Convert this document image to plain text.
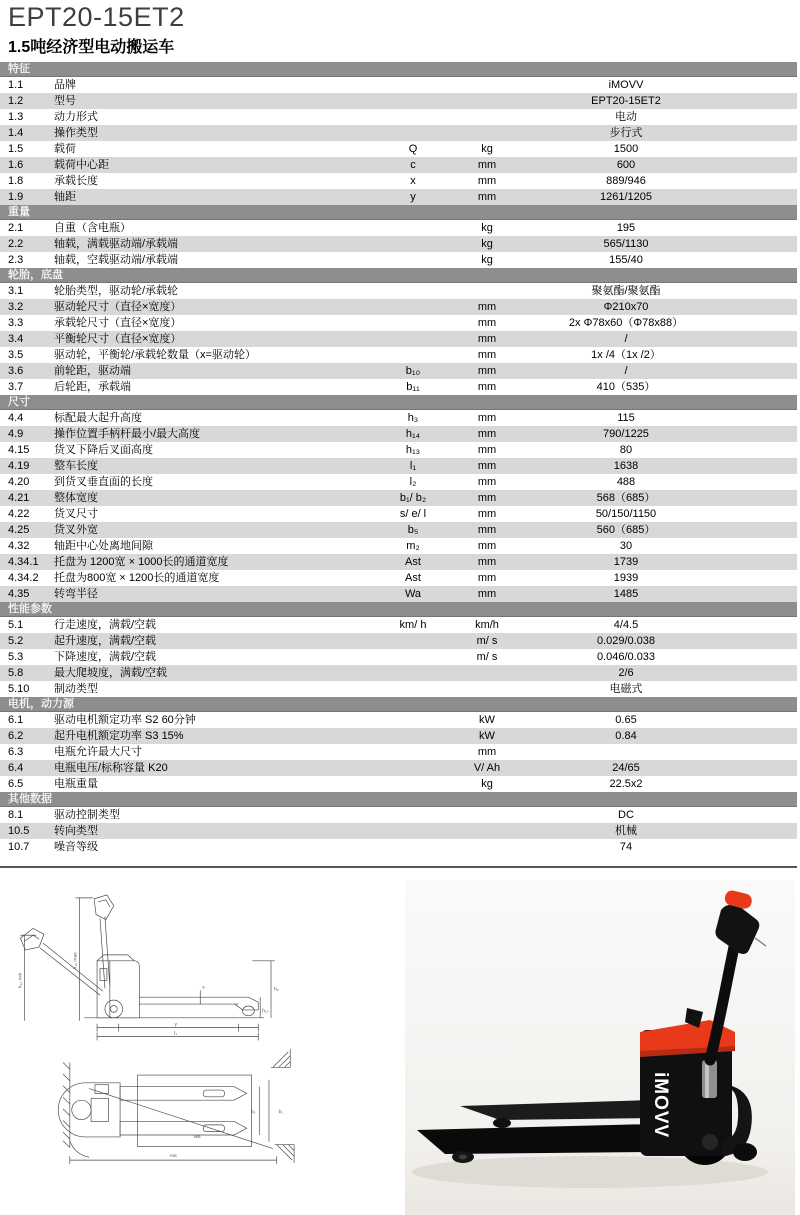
EPT20-15ET2
1.5吨经济型电动搬运车
特征
1.1	品牌	iMOVV
1.2	型号	EPT20-15ET2
1.3	动力形式	电动
1.4	操作类型	步行式
1.5	载荷	Q	kg	1500
1.6	载荷中心距	c	mm	600
1.8	承载长度	x	mm	889/946
1.9	轴距	y	mm	1261/1205
重量
2.1	自重（含电瓶）	kg	195
2.2	轴载，满载驱动端/承载端	kg	565/1130
2.3	轴载，空载驱动端/承载端	kg	155/40
轮胎，底盘
3.1	轮胎类型，驱动轮/承载轮	聚氨酯/聚氨酯
3.2	驱动轮尺寸（直径×宽度）	mm	Φ210x70
3.3	承载轮尺寸（直径×宽度）	mm	2x Φ78x60（Φ78x88）
3.4	平衡轮尺寸（直径×宽度）	mm	/
3.5	驱动轮，平衡轮/承载轮数量（x=驱动轮）	mm	1x /4（1x /2）
3.6	前轮距，驱动端	b₁₀	mm	/
3.7	后轮距，承载端	b₁₁	mm	410（535）
尺寸
4.4	标配最大起升高度	h₃	mm	115
4.9	操作位置手柄杆最小/最大高度	h₁₄	mm	790/1225
4.15	货叉下降后叉面高度	h₁₃	mm	80
4.19	整车长度	l₁	mm	1638
4.20	到货叉垂直面的长度	l₂	mm	488
4.21	整体宽度	b₁/ b₂	mm	568（685）
4.22	货叉尺寸	s/ e/ l	mm	50/150/1150
4.25	货叉外宽	b₅	mm	560（685）
4.32	轴距中心处离地间隙	m₂	mm	30
4.34.1	托盘为 1200宽 × 1000长的通道宽度	Ast	mm	1739
4.34.2	托盘为800宽 × 1200长的通道宽度	Ast	mm	1939
4.35	转弯半径	Wa	mm	1485
性能参数
5.1	行走速度，满载/空载	km/ h	km/h	4/4.5
5.2	起升速度，满载/空载	m/ s	0.029/0.038
5.3	下降速度，满载/空载	m/ s	0.046/0.033
5.8	最大爬坡度，满载/空载	2/6
5.10	制动类型	电磁式
电机，动力源
6.1	驱动电机额定功率 S2 60分钟	kW	0.65
6.2	起升电机额定功率 S3 15%	kW	0.84
6.3	电瓶允许最大尺寸	mm
6.4	电瓶电压/标称容量 K20	V/ Ah	24/65
6.5	电瓶重量	kg	22.5x2
其他数据
8.1	驱动控制类型	DC
10.5	转向类型	机械
10.7	噪音等级	74
h₁₄ max
h₁₄ min
h₃
h₁₃
s
y
l₁
Ast
Wa
b₅	b₁	iMOVV
